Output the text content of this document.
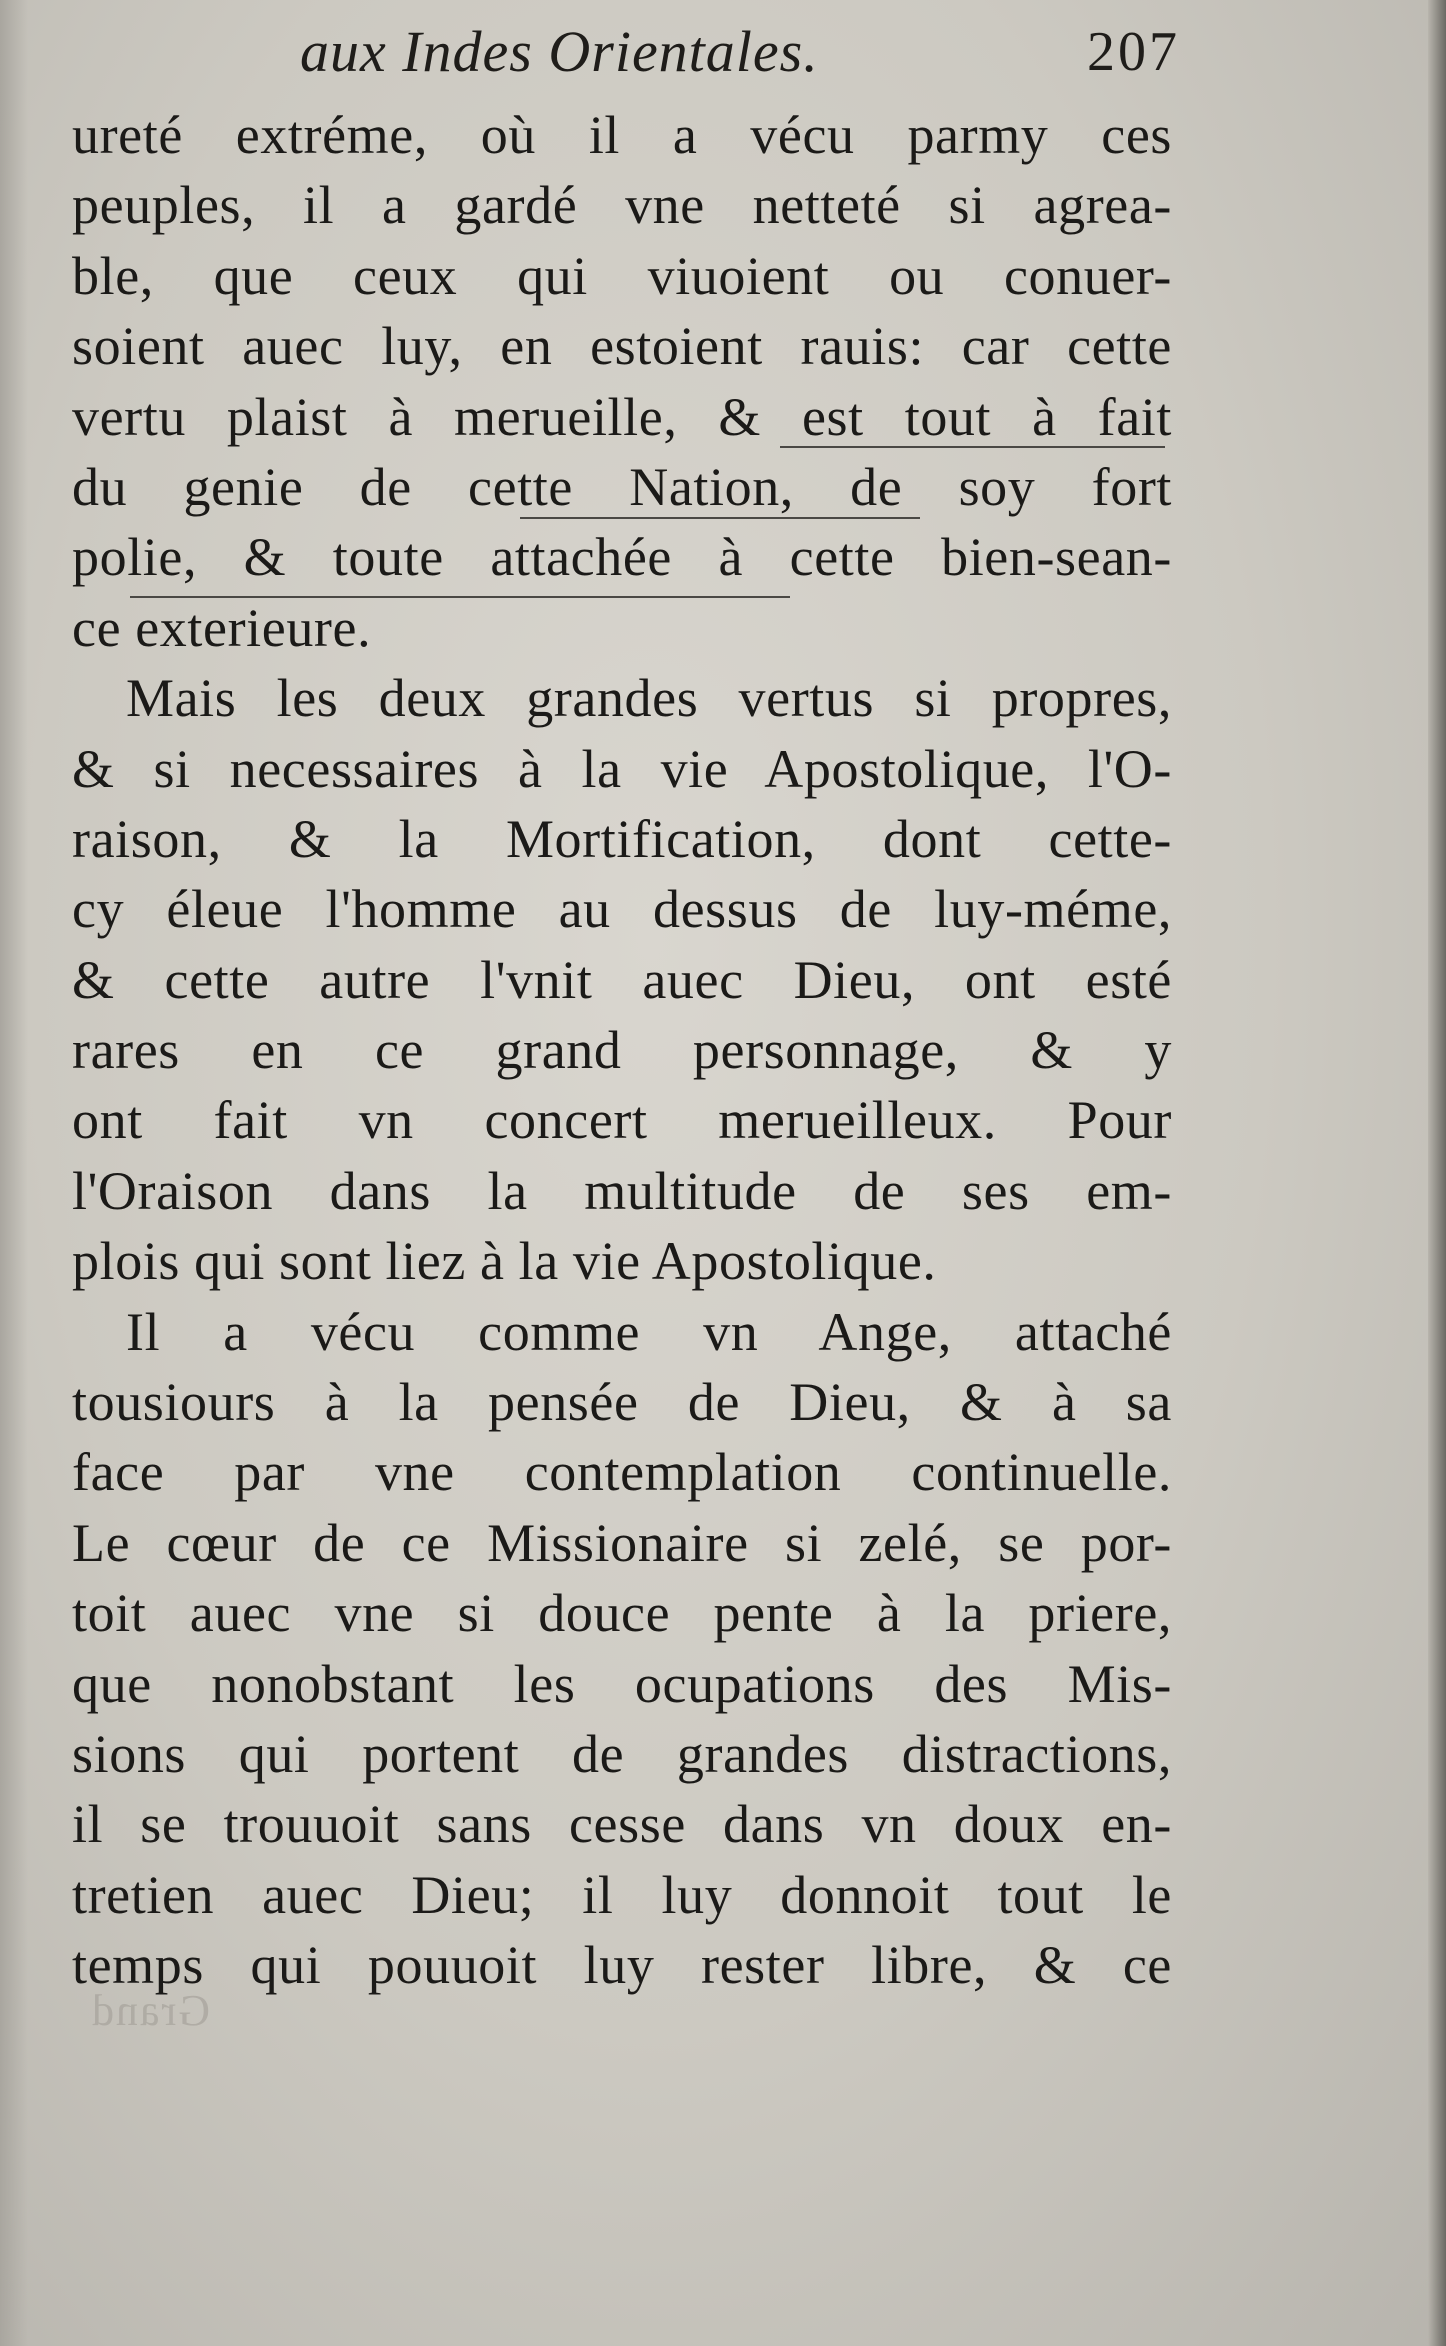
aux Indes Orientales.	207
ureté extréme, où il a vécu parmy ces
peuples, il a gardé vne netteté si agrea-
ble, que ceux qui viuoient ou conuer-
soient auec luy, en estoient rauis: car cette
vertu plaist à merueille, & est tout à fait
du genie de cette Nation, de soy fort
polie, & toute attachée à cette bien-sean-
ce exterieure.
Mais les deux grandes vertus si propres,
& si necessaires à la vie Apostolique, l'O-
raison, & la Mortification, dont cette-
cy éleue l'homme au dessus de luy-méme,
& cette autre l'vnit auec Dieu, ont esté
rares en ce grand personnage, & y
ont fait vn concert merueilleux. Pour
l'Oraison dans la multitude de ses em-
plois qui sont liez à la vie Apostolique.
Il a vécu comme vn Ange, attaché
tousiours à la pensée de Dieu, & à sa
face par vne contemplation continuelle.
Le cœur de ce Missionaire si zelé, se por-
toit auec vne si douce pente à la priere,
que nonobstant les ocupations des Mis-
sions qui portent de grandes distractions,
il se trouuoit sans cesse dans vn doux en-
tretien auec Dieu; il luy donnoit tout le
temps qui pouuoit luy rester libre, & ce
Grand
